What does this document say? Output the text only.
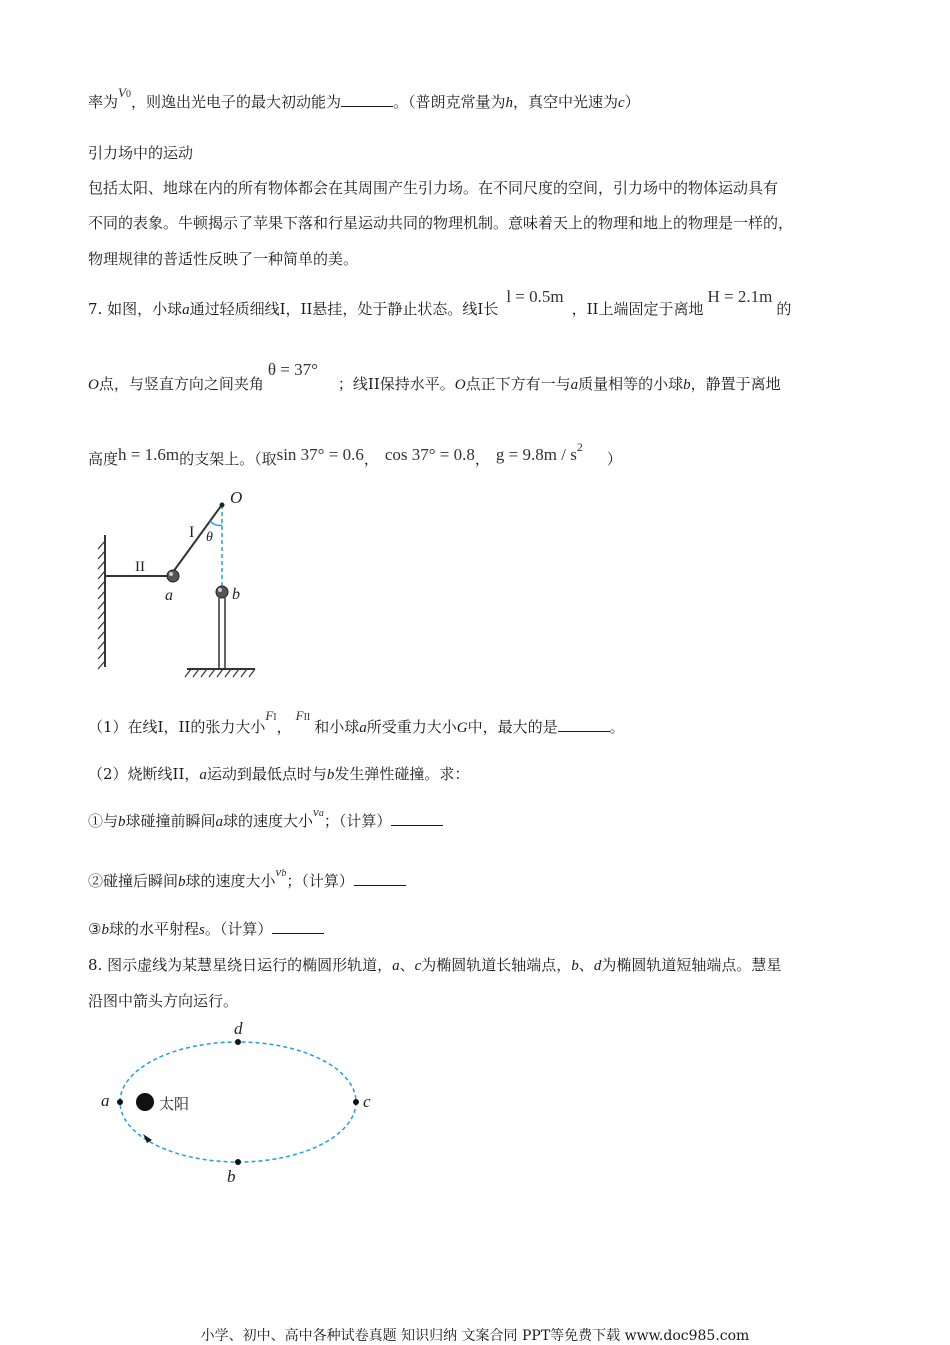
率为V0，则逸出光电子的最大初动能为	。（普朗克常量为h，真空中光速为c）
引力场中的运动
包括太阳、地球在内的所有物体都会在其周围产生引力场。在不同尺度的空间，引力场中的物体运动具有
不同的表象。牛顿揭示了苹果下落和行星运动共同的物理机制。意味着天上的物理和地上的物理是一样的，
物理规律的普适性反映了一种简单的美。
7. 如图，小球a通过轻质细线I，II悬挂，处于静止状态。线I长l = 0.5m，II上端固定于离地H = 2.1m的
O点，与竖直方向之间夹角θ = 37°；线II保持水平。O点正下方有一与a质量相等的小球b，静置于离地
高度h = 1.6m的支架上。（取sin 37° = 0.6， cos 37° = 0.8， $g = 9.8m / s^2$）
O
I θ
II
a	b
（1）在线I，II的张力大小FI，FII和小球a所受重力大小G中，最大的是	。
（2）烧断线II，a运动到最低点时与b发生弹性碰撞。求：
①与b球碰撞前瞬间a球的速度大小va；（计算）
②碰撞后瞬间b球的速度大小vb；（计算）
③b球的水平射程s。（计算）
8. 图示虚线为某慧星绕日运行的椭圆形轨道，a、c为椭圆轨道长轴端点，b、d为椭圆轨道短轴端点。慧星
沿图中箭头方向运行。
a	c
d
b
太阳
小学、初中、高中各种试卷真题 知识归纳 文案合同 PPT等免费下载 www.doc985.com
